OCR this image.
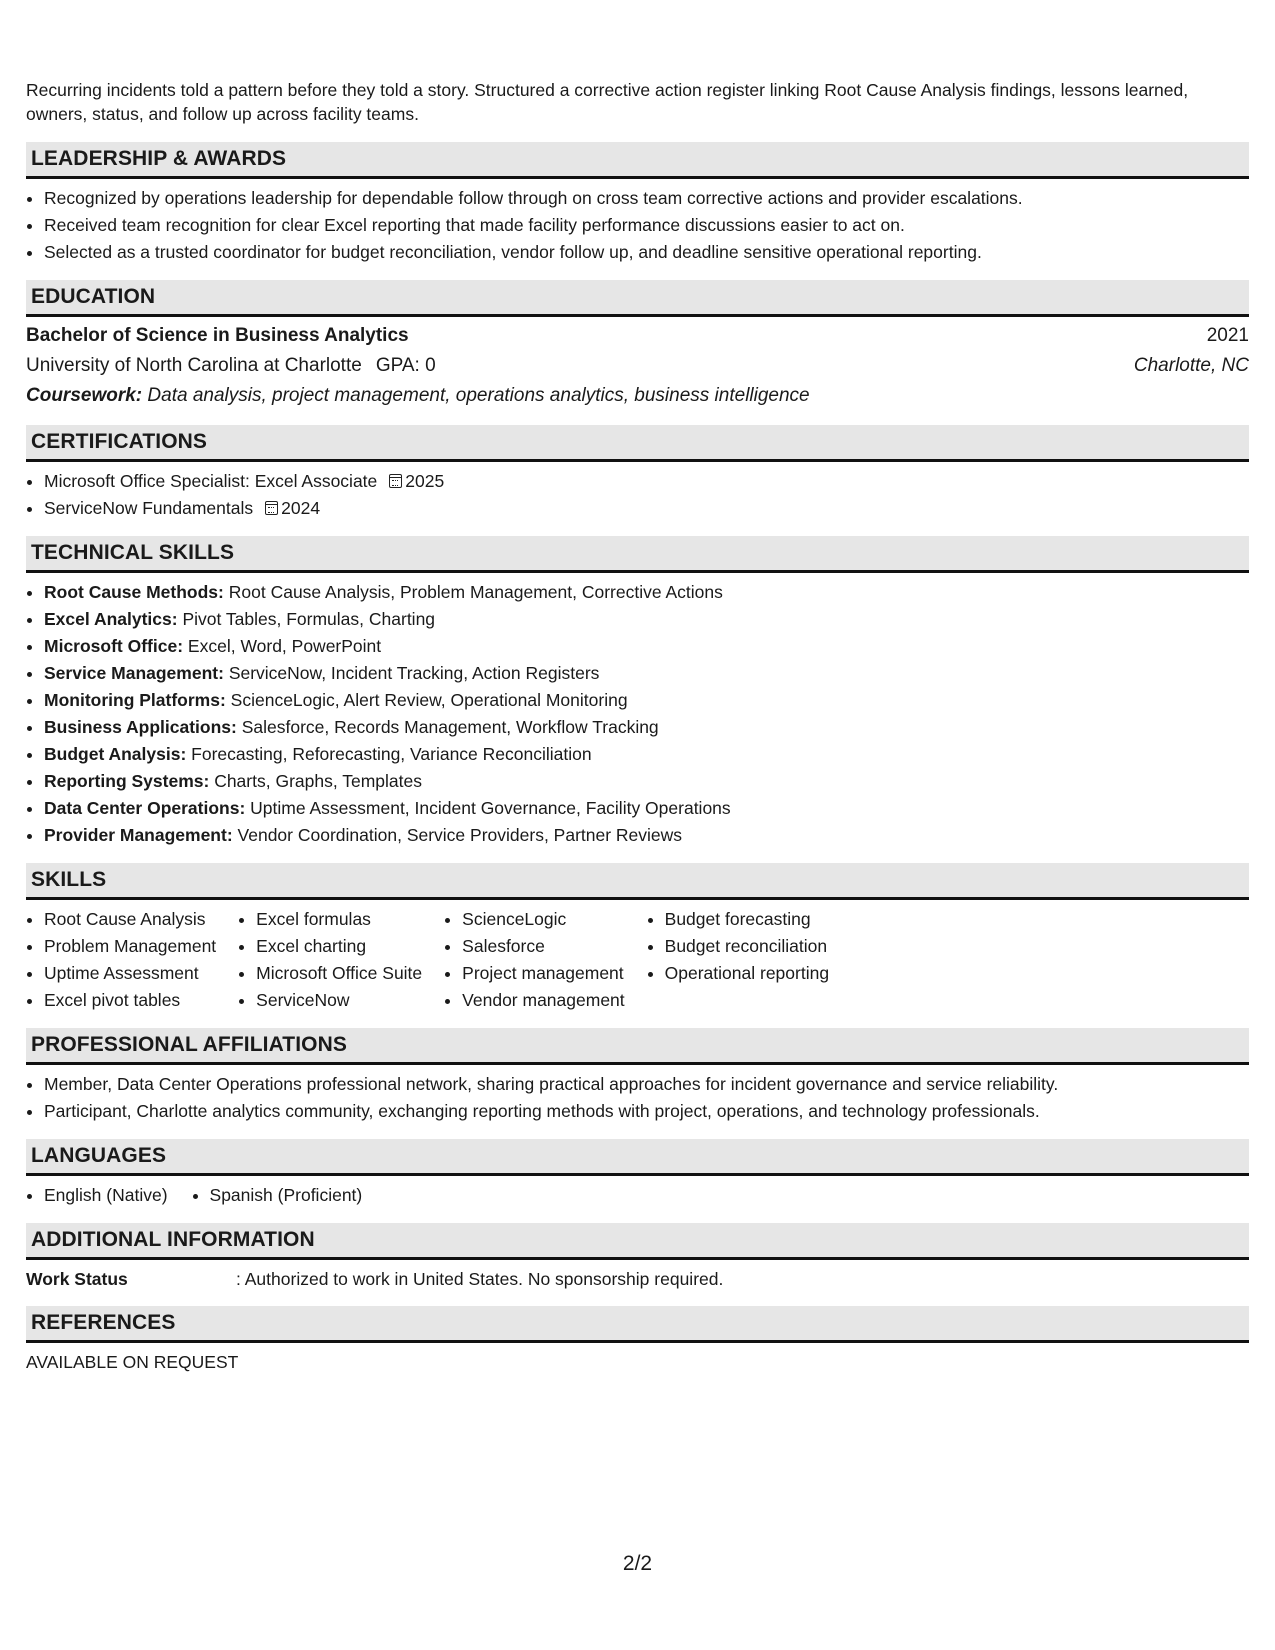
Recurring incidents told a pattern before they told a story. Structured a corrective action register linking Root Cause Analysis findings, lessons learned, owners, status, and follow up across facility teams.

LEADERSHIP & AWARDS
• Recognized by operations leadership for dependable follow through on cross team corrective actions and provider escalations.
• Received team recognition for clear Excel reporting that made facility performance discussions easier to act on.
• Selected as a trusted coordinator for budget reconciliation, vendor follow up, and deadline sensitive operational reporting.
EDUCATION
Bachelor of Science in Business Analytics	2021
University of North Carolina at Charlotte GPA: 0	Charlotte, NC
Coursework: Data analysis, project management, operations analytics, business intelligence
CERTIFICATIONS
• Microsoft Office Specialist: Excel Associate 2025
• ServiceNow Fundamentals 2024
TECHNICAL SKILLS
• Root Cause Methods: Root Cause Analysis, Problem Management, Corrective Actions
• Excel Analytics: Pivot Tables, Formulas, Charting
• Microsoft Office: Excel, Word, PowerPoint
• Service Management: ServiceNow, Incident Tracking, Action Registers
• Monitoring Platforms: ScienceLogic, Alert Review, Operational Monitoring
• Business Applications: Salesforce, Records Management, Workflow Tracking
• Budget Analysis: Forecasting, Reforecasting, Variance Reconciliation
• Reporting Systems: Charts, Graphs, Templates
• Data Center Operations: Uptime Assessment, Incident Governance, Facility Operations
• Provider Management: Vendor Coordination, Service Providers, Partner Reviews
SKILLS
• Root Cause Analysis
• Problem Management
• Uptime Assessment
• Excel pivot tables
• Excel formulas
• Excel charting
• Microsoft Office Suite
• ServiceNow
• ScienceLogic
• Salesforce
• Project management
• Vendor management
• Budget forecasting
• Budget reconciliation
• Operational reporting
PROFESSIONAL AFFILIATIONS
• Member, Data Center Operations professional network, sharing practical approaches for incident governance and service reliability.
• Participant, Charlotte analytics community, exchanging reporting methods with project, operations, and technology professionals.
LANGUAGES
• English (Native)
• Spanish (Proficient)
ADDITIONAL INFORMATION
Work Status	: Authorized to work in United States. No sponsorship required.
REFERENCES
AVAILABLE ON REQUEST
2/2
